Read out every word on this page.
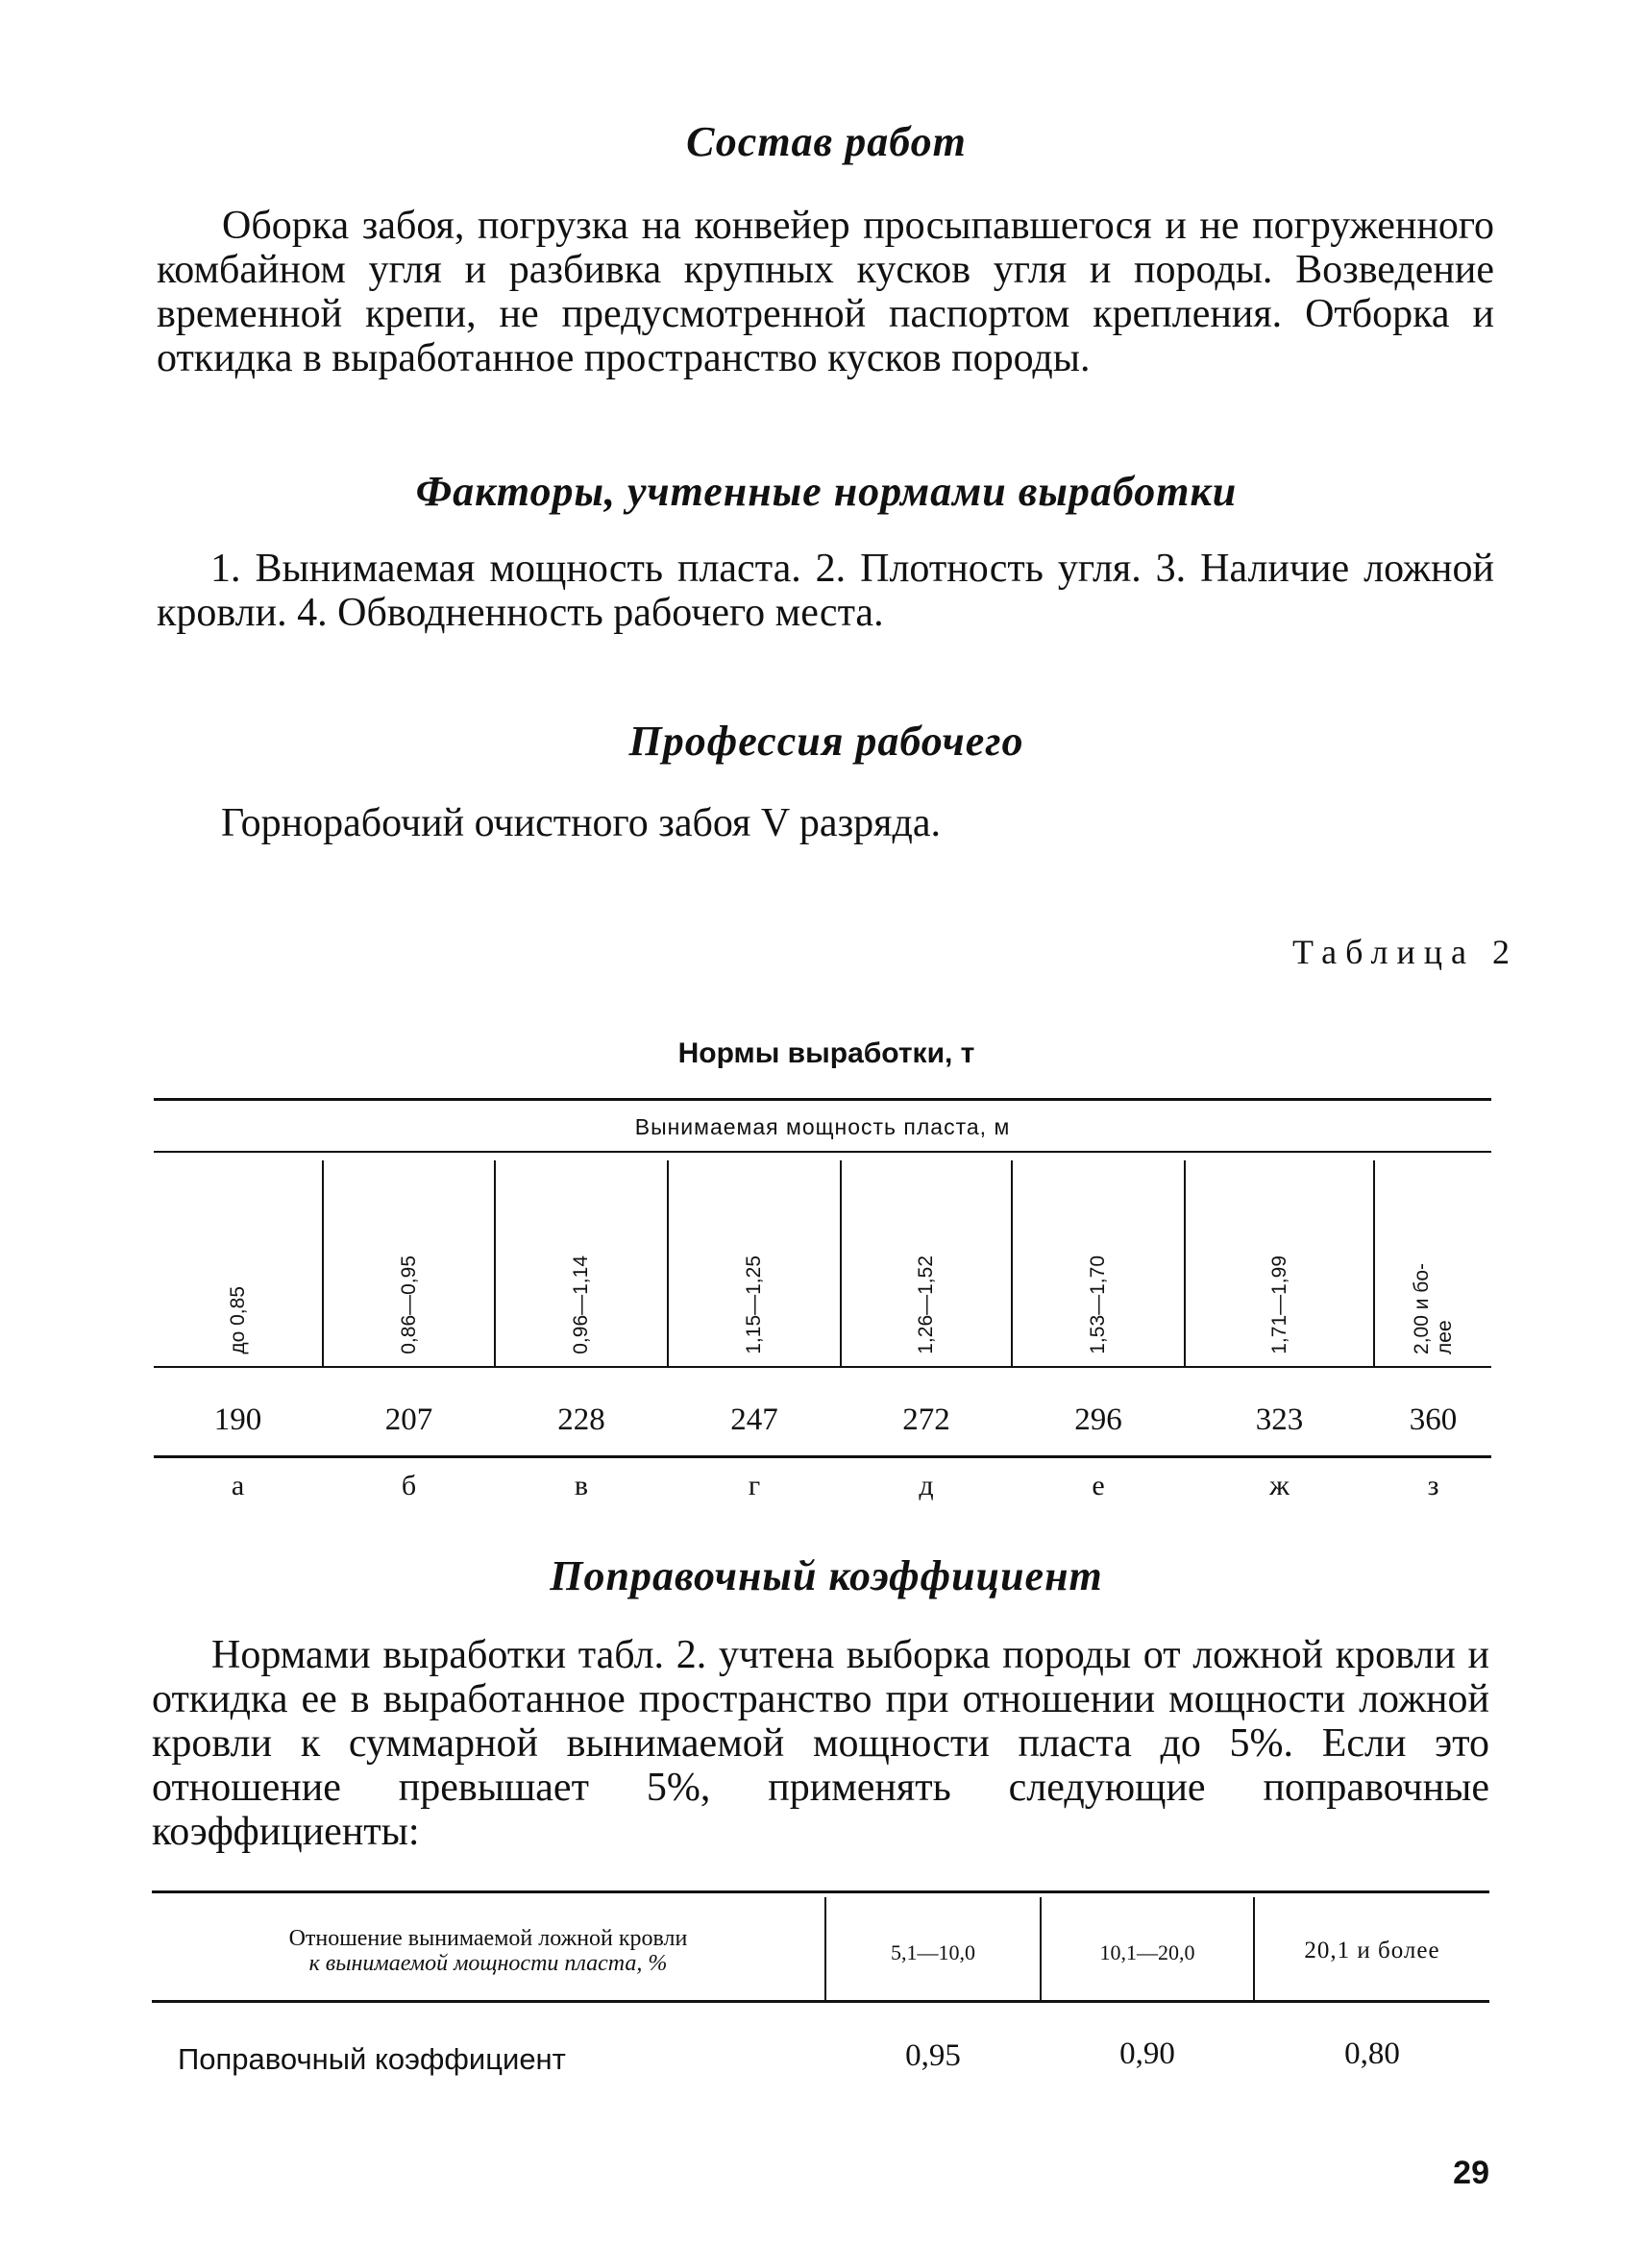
Состав работ

Оборка забоя, погрузка на конвейер просыпавшегося и не погруженного комбайном угля и разбивка крупных кусков угля и породы. Возведение временной крепи, не предусмотренной паспортом крепления. Отборка и откидка в выработанное пространство кусков породы.

Факторы, учтенные нормами выработки

1. Вынимаемая мощность пласта. 2. Плотность угля. 3. Наличие ложной кровли. 4. Обводненность рабочего места.

Профессия рабочего

Горнорабочий очистного забоя V разряда.

Таблица 2
Нормы выработки, т
Вынимаемая мощность пласта, м
до 0,85	0,86—0,95	0,96—1,14	1,15—1,25	1,26—1,52	1,53—1,70	1,71—1,99	2,00 и бо-
лее
190	207	228	247	272	296	323	360
а	б	в	г	д	е	ж	з
Поправочный коэффициент

Нормами выработки табл. 2. учтена выборка породы от ложной кровли и откидка ее в выработанное пространство при отношении мощности ложной кровли к суммарной вынимаемой мощности пласта до 5%. Если это отношение превышает 5%, применять следующие поправочные коэффициенты:

Отношение вынимаемой ложной кровли
к вынимаемой мощности пласта, %	5,1—10,0	10,1—20,0	20,1 и более
Поправочный коэффициент	0,95	0,90	0,80
29
